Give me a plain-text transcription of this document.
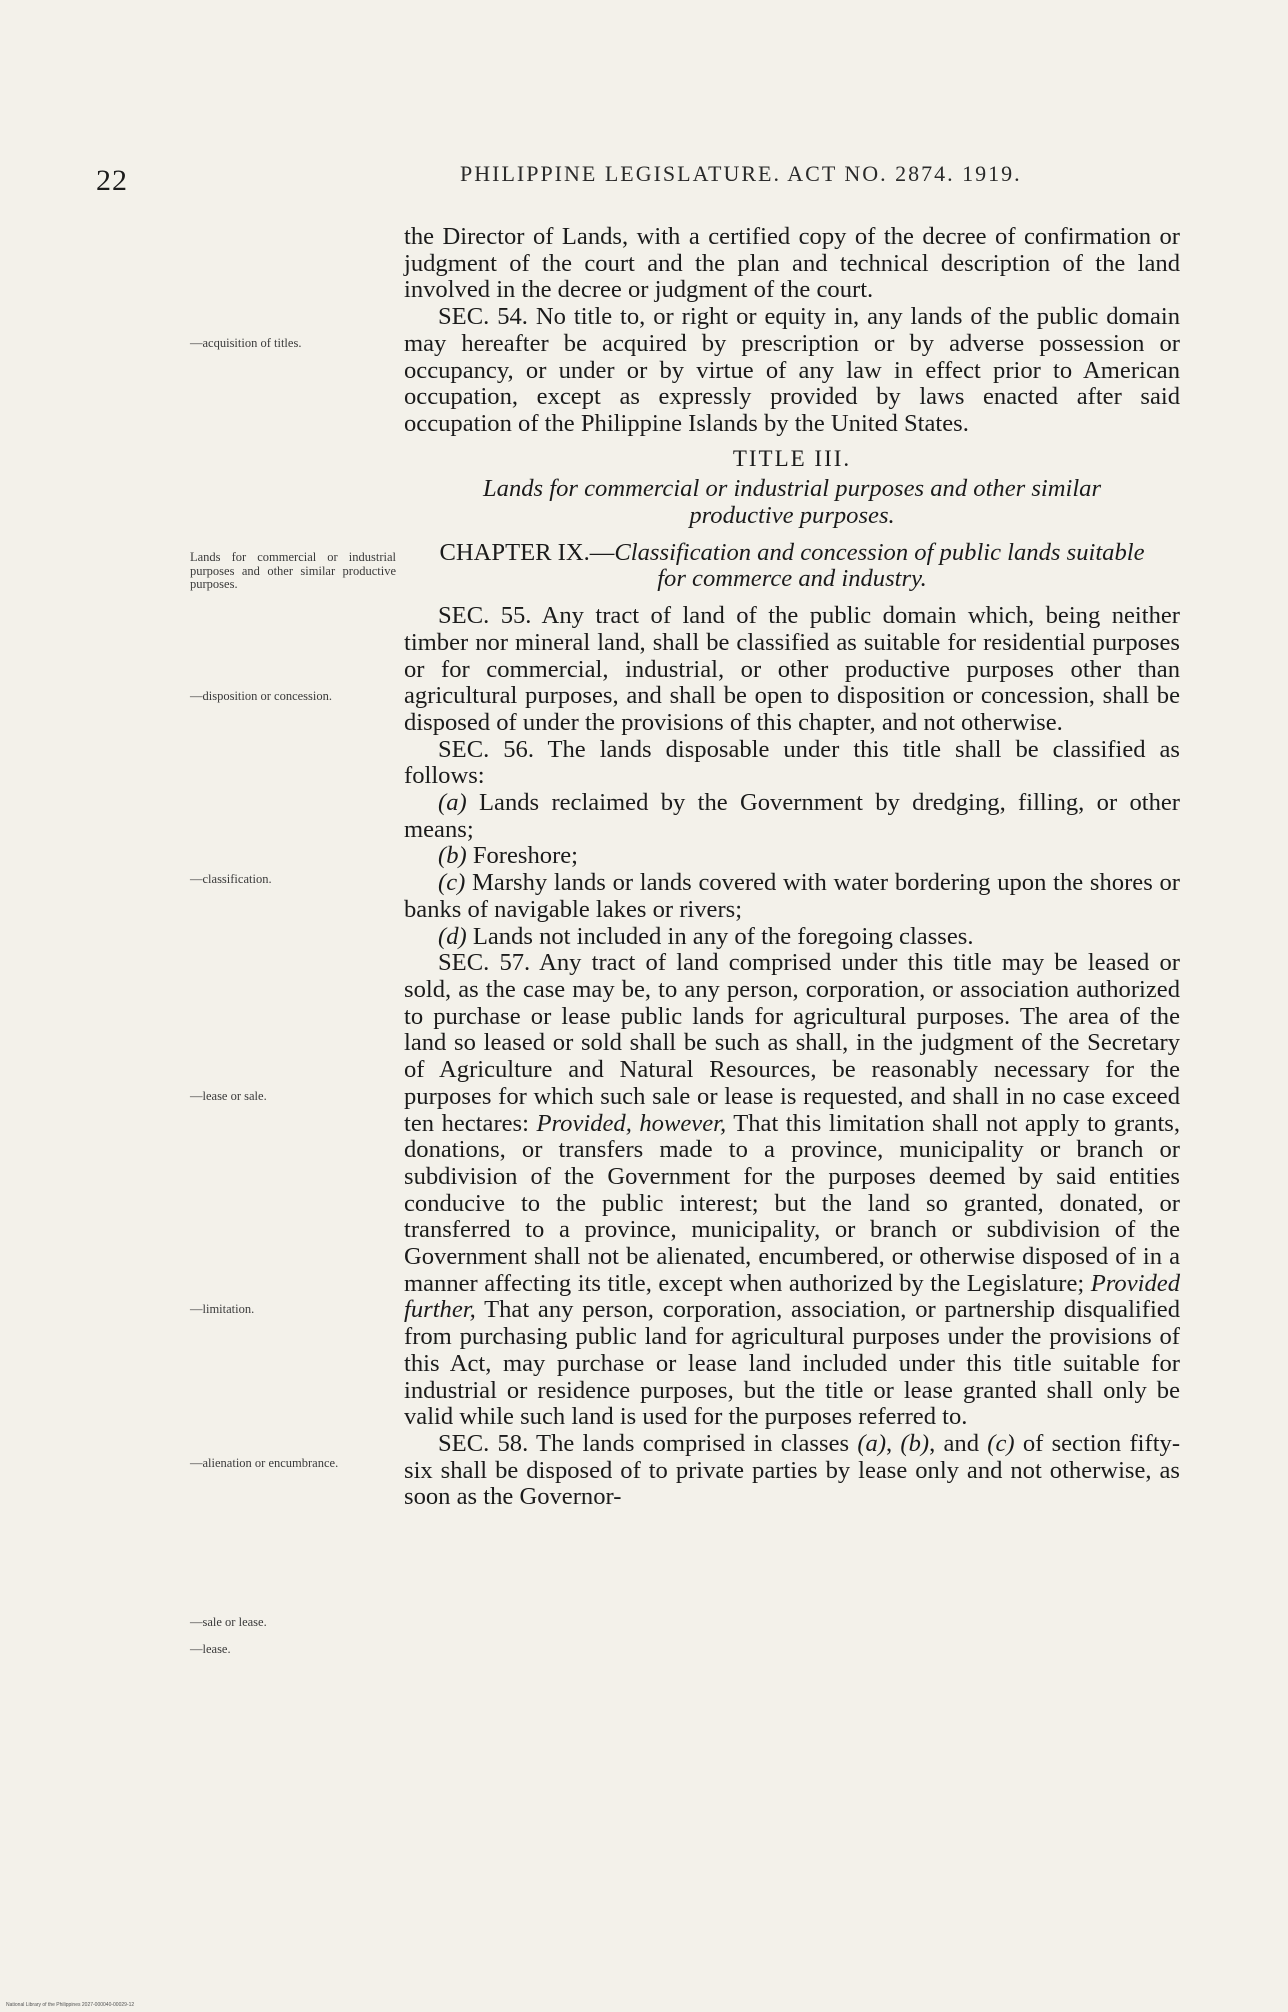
22	PHILIPPINE LEGISLATURE. ACT NO. 2874. 1919.
—acquisition of titles.
Lands for commercial or industrial purposes and other similar productive purposes.
—disposition or concession.
—classification.
—lease or sale.
—limitation.
—alienation or encumbrance.
—sale or lease.
—lease.

the Director of Lands, with a certified copy of the decree of confirmation or judgment of the court and the plan and technical description of the land involved in the decree or judgment of the court.

SEC. 54. No title to, or right or equity in, any lands of the public domain may hereafter be acquired by prescription or by adverse possession or occupancy, or under or by virtue of any law in effect prior to American occupation, except as expressly provided by laws enacted after said occupation of the Philippine Islands by the United States.

TITLE III.

Lands for commercial or industrial purposes and other similar productive purposes.

CHAPTER IX.—Classification and concession of public lands suitable for commerce and industry.

SEC. 55. Any tract of land of the public domain which, being neither timber nor mineral land, shall be classified as suitable for residential purposes or for commercial, industrial, or other productive purposes other than agricultural purposes, and shall be open to disposition or concession, shall be disposed of under the provisions of this chapter, and not otherwise.

SEC. 56. The lands disposable under this title shall be classified as follows:

(a) Lands reclaimed by the Government by dredging, filling, or other means;

(b) Foreshore;

(c) Marshy lands or lands covered with water bordering upon the shores or banks of navigable lakes or rivers;

(d) Lands not included in any of the foregoing classes.

SEC. 57. Any tract of land comprised under this title may be leased or sold, as the case may be, to any person, corporation, or association authorized to purchase or lease public lands for agricultural purposes. The area of the land so leased or sold shall be such as shall, in the judgment of the Secretary of Agriculture and Natural Resources, be reasonably necessary for the purposes for which such sale or lease is requested, and shall in no case exceed ten hectares: Provided, however, That this limitation shall not apply to grants, donations, or transfers made to a province, municipality or branch or subdivision of the Government for the purposes deemed by said entities conducive to the public interest; but the land so granted, donated, or transferred to a province, municipality, or branch or subdivision of the Government shall not be alienated, encumbered, or otherwise disposed of in a manner affecting its title, except when authorized by the Legislature; Provided further, That any person, corporation, association, or partnership disqualified from purchasing public land for agricultural purposes under the provisions of this Act, may purchase or lease land included under this title suitable for industrial or residence purposes, but the title or lease granted shall only be valid while such land is used for the purposes referred to.

SEC. 58. The lands comprised in classes (a), (b), and (c) of section fifty-six shall be disposed of to private parties by lease only and not otherwise, as soon as the Governor-

National Library of the Philippines 2027-000040-00029-12
